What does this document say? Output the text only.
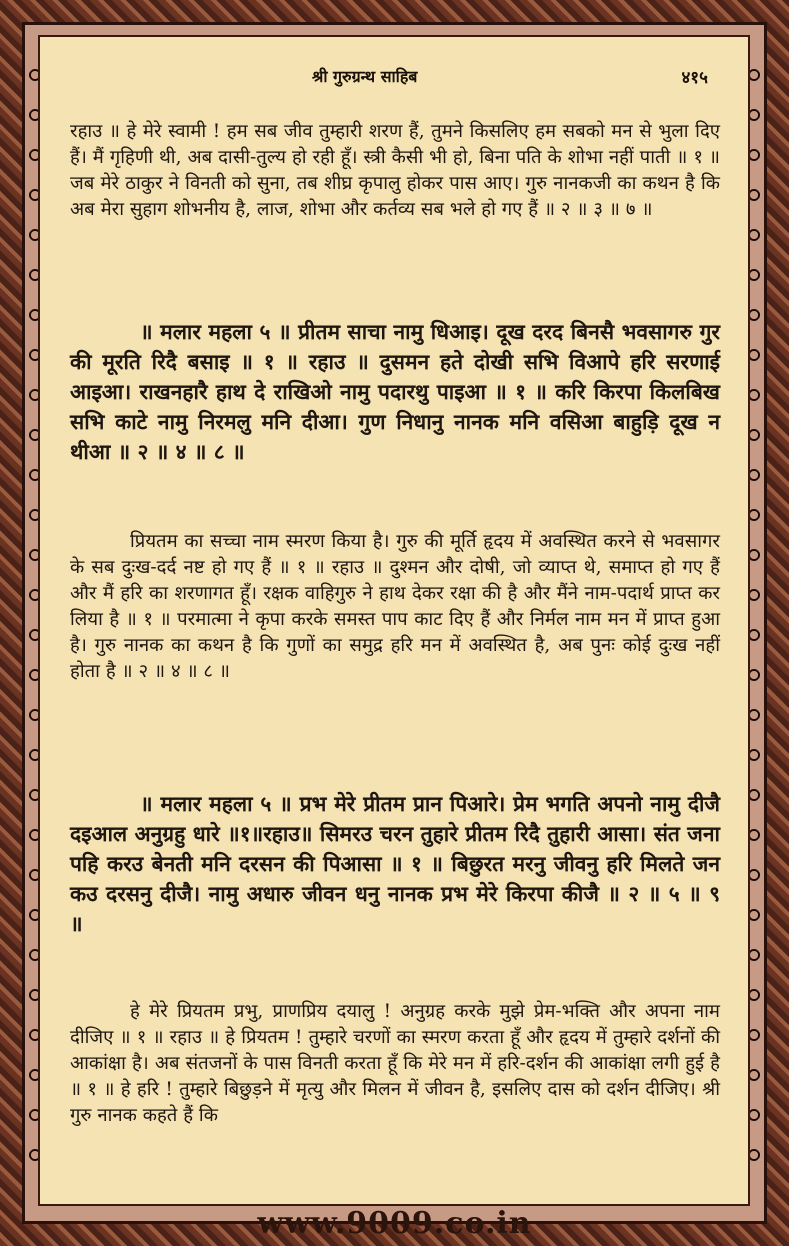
श्री गुरुग्रन्थ साहिब	४१५
रहाउ ॥ हे मेरे स्वामी ! हम सब जीव तुम्हारी शरण हैं, तुमने किसलिए हम सबको मन से भुला दिए हैं। मैं गृहिणी थी, अब दासी-तुल्य हो रही हूँ। स्त्री कैसी भी हो, बिना पति के शोभा नहीं पाती ॥ १ ॥ जब मेरे ठाकुर ने विनती को सुना, तब शीघ्र कृपालु होकर पास आए। गुरु नानकजी का कथन है कि अब मेरा सुहाग शोभनीय है, लाज, शोभा और कर्तव्य सब भले हो गए हैं ॥ २ ॥ ३ ॥ ७ ॥
॥ मलार महला ५ ॥ प्रीतम साचा नामु धिआइ। दूख दरद बिनसै भवसागरु गुर की मूरति रिदै बसाइ ॥ १ ॥ रहाउ ॥ दुसमन हते दोखी सभि विआपे हरि सरणाई आइआ। राखनहारै हाथ दे राखिओ नामु पदारथु पाइआ ॥ १ ॥ करि किरपा किलबिख सभि काटे नामु निरमलु मनि दीआ। गुण निधानु नानक मनि वसिआ बाहुड़ि दूख न थीआ ॥ २ ॥ ४ ॥ ८ ॥
प्रियतम का सच्चा नाम स्मरण किया है। गुरु की मूर्ति हृदय में अवस्थित करने से भवसागर के सब दुःख-दर्द नष्ट हो गए हैं ॥ १ ॥ रहाउ ॥ दुश्मन और दोषी, जो व्याप्त थे, समाप्त हो गए हैं और मैं हरि का शरणागत हूँ। रक्षक वाहिगुरु ने हाथ देकर रक्षा की है और मैंने नाम-पदार्थ प्राप्त कर लिया है ॥ १ ॥ परमात्मा ने कृपा करके समस्त पाप काट दिए हैं और निर्मल नाम मन में प्राप्त हुआ है। गुरु नानक का कथन है कि गुणों का समुद्र हरि मन में अवस्थित है, अब पुनः कोई दुःख नहीं होता है ॥ २ ॥ ४ ॥ ८ ॥
॥ मलार महला ५ ॥ प्रभ मेरे प्रीतम प्रान पिआरे। प्रेम भगति अपनो नामु दीजै दइआल अनुग्रहु धारे ॥१॥रहाउ॥ सिमरउ चरन तुहारे प्रीतम रिदै तुहारी आसा। संत जना पहि करउ बेनती मनि दरसन की पिआसा ॥ १ ॥ बिछुरत मरनु जीवनु हरि मिलते जन कउ दरसनु दीजै। नामु अधारु जीवन धनु नानक प्रभ मेरे किरपा कीजै ॥ २ ॥ ५ ॥ ९ ॥
हे मेरे प्रियतम प्रभु, प्राणप्रिय दयालु ! अनुग्रह करके मुझे प्रेम-भक्ति और अपना नाम दीजिए ॥ १ ॥ रहाउ ॥ हे प्रियतम ! तुम्हारे चरणों का स्मरण करता हूँ और हृदय में तुम्हारे दर्शनों की आकांक्षा है। अब संतजनों के पास विनती करता हूँ कि मेरे मन में हरि-दर्शन की आकांक्षा लगी हुई है ॥ १ ॥ हे हरि ! तुम्हारे बिछुड़ने में मृत्यु और मिलन में जीवन है, इसलिए दास को दर्शन दीजिए। श्री गुरु नानक कहते हैं कि
www.9009.co.in
